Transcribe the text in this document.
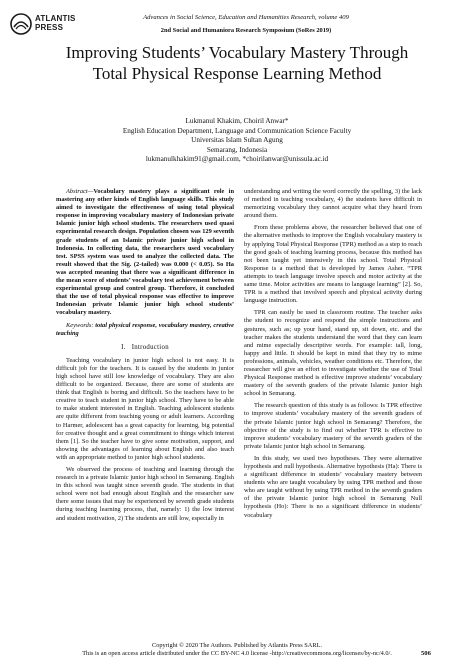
ATLANTIS
PRESS
Advances in Social Science, Education and Humanities Research, volume 409
2nd Social and Humaniora Research Symposium (SoRes 2019)
Improving Students’ Vocabulary Mastery Through
Total Physical Response Learning Method
Lukmanul Khakim, Choiril Anwar*
English Education Department, Language and Communication Science Faculty
Universitas Islam Sultan Agung
Semarang, Indonesia
lukmanulkhakim91@gmail.com, *choirilanwar@unissula.ac.id

Abstract—Vocabulary mastery plays a significant role in mastering any other kinds of English language skills. This study aimed to investigate the effectiveness of using total physical response in improving vocabulary mastery of Indonesian private Islamic junior high school students. The researchers used quasi experimental research design. Population chosen was 129 seventh grade students of an Islamic private junior high school in Indonesia. In collecting data, the researchers used vocabulary test. SPSS system was used to analyze the collected data. The result showed that the Sig. (2-tailed) was 0.000 (< 0.05). So Ha was accepted meaning that there was a significant difference in the mean score of students’ vocabulary test achievement between experimental group and control group. Therefore, it concluded that the use of total physical response was effective to improve Indonesian private Islamic junior high school students’ vocabulary mastery.

Keywords: total physical response, vocabulary mastery, creative teaching

I. Introduction

Teaching vocabulary in junior high school is not easy. It is difficult job for the teachers. It is caused by the students in junior high school have still low knowledge of vocabulary. They are also difficult to be organized. Because, there are some of students are think that English is boring and difficult. So the teachers have to be creative to teach student in junior high school. They have to be able to make student interested in English. Teaching adolescent students are quite different from teaching young or adult learners. According to Harmer, adolescent has a great capacity for learning, big potential for creative thought and a great commitment to things which interest them [1]. So the teacher have to give some motivation, support, and showing the advantages of learning about English and also teach with an appropriate method to junior high school students.

We observed the process of teaching and learning through the research in a private Islamic junior high school in Semarang. English in this school was taught since seventh grade. The students in that school were not bad enough about English and the researcher saw there some issues that may be experienced by seventh grade students during teaching learning process, that, namely: 1) the low interest and student motivation, 2) The students are still low, especially in

understanding and writing the word correctly the spelling, 3) the lack of method in teaching vocabulary, 4) the students have difficult in memorizing vocabulary they cannot acquire what they heard from around them.

From these problems above, the researcher believed that one of the alternative methods to improve the English vocabulary mastery is by applying Total Physical Response (TPR) method as a step to reach the good goals of teaching learning process, because this method has not been taught yet intensively in this school. Total Physical Response is a method that is developed by James Asher. “TPR attempts to teach language involve speech and motor activity at the same time. Motor activities are means to language learning” [2]. So, TPR is a method that involved speech and physical activity during language instruction.

TPR can easily be used in classroom routine. The teacher asks the student to recognize and respond the simple instructions and gestures, such as; up your hand, stand up, sit down, etc. and the teacher makes the students understand the word that they can learn and mime especially descriptive words. For example: tall, long, happy and little. It should be kept in mind that they try to mime professions, animals, vehicles, weather conditions etc. Therefore, the researcher will give an effort to investigate whether the use of Total Physical Response method is effective improve students’ vocabulary mastery of the seventh graders of the private Islamic junior high school in Semarang.

The research question of this study is as follows: Is TPR effective to improve students’ vocabulary mastery of the seventh graders of the private Islamic junior high school in Semarang? Therefore, the objective of the study is to find out whether TPR is effective to improve students’ vocabulary mastery of the seventh graders of the private Islamic junior high school in Semarang.

In this study, we used two hypotheses. They were alternative hypothesis and null hypothesis. Alternative hypothesis (Ha): There is a significant difference in students’ vocabulary mastery between students who are taught vocabulary by using TPR method and those who are taught without by using TPR method in the seventh graders of the private Islamic junior high school in Semarang Null hypothesis (Ho): There is no a significant difference in students’ vocabulary

Copyright © 2020 The Authors. Published by Atlantis Press SARL.
This is an open access article distributed under the CC BY-NC 4.0 license -http://creativecommons.org/licenses/by-nc/4.0/.	506
